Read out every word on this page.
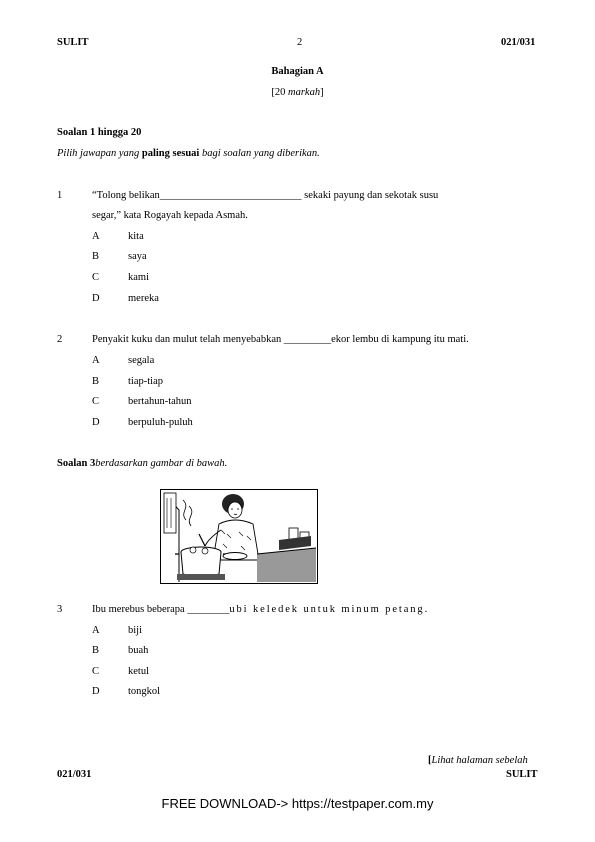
SULIT	2	021/031
Bahagian A
[20 markah]
Soalan 1 hingga 20
Pilih jawapan yang paling sesuai bagi soalan yang diberikan.
1	“Tolong belikan___________________________ sekaki payung dan sekotak susu
segar,” kata Rogayah kepada Asmah.
A	kita
B	saya
C	kami
D	mereka
2	Penyakit kuku dan mulut telah menyebabkan _________ekor lembu di kampung itu mati.
A	segala
B	tiap-tiap
C	bertahun-tahun
D	berpuluh-puluh
Soalan 3berdasarkan gambar di bawah.
3	Ibu merebus beberapa ________ubi keledek untuk minum petang.
A	biji
B	buah
C	ketul
D	tongkol
[Lihat halaman sebelah
021/031	SULIT
FREE DOWNLOAD-> https://testpaper.com.my
